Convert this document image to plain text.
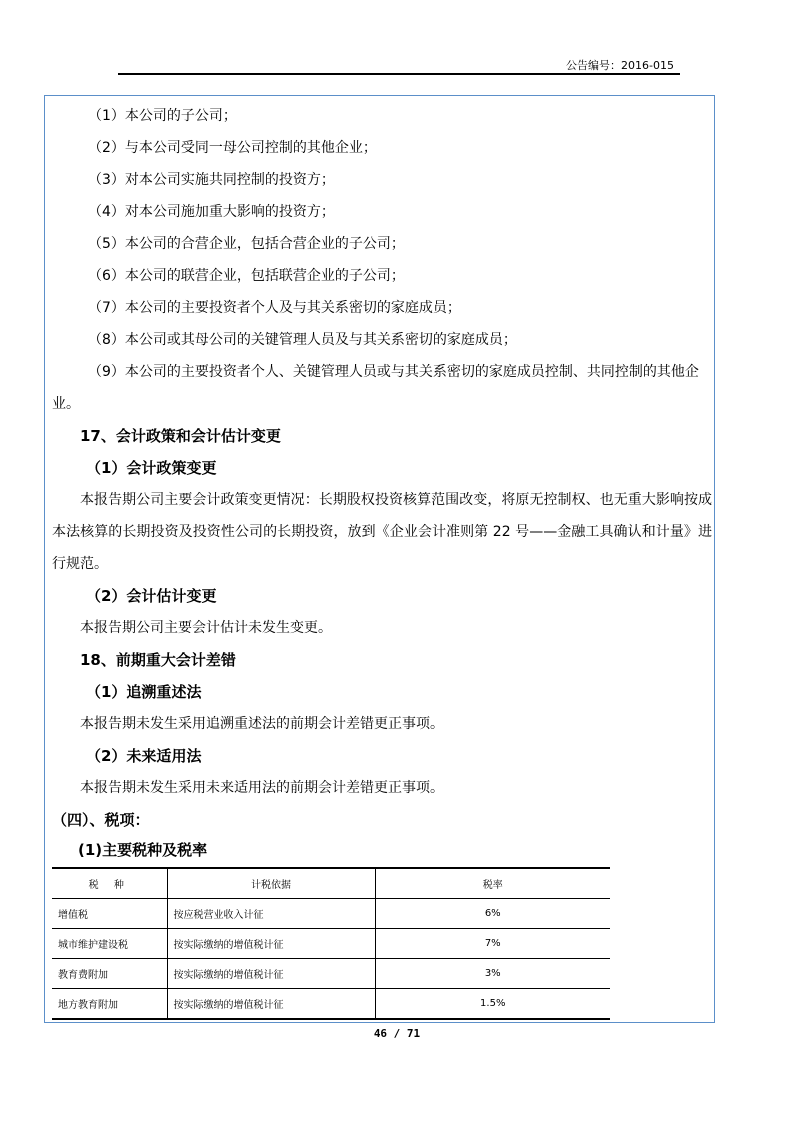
公告编号：2016-015
（1）本公司的子公司；
（2）与本公司受同一母公司控制的其他企业；
（3）对本公司实施共同控制的投资方；
（4）对本公司施加重大影响的投资方；
（5）本公司的合营企业，包括合营企业的子公司；
（6）本公司的联营企业，包括联营企业的子公司；
（7）本公司的主要投资者个人及与其关系密切的家庭成员；
（8）本公司或其母公司的关键管理人员及与其关系密切的家庭成员；
（9）本公司的主要投资者个人、关键管理人员或与其关系密切的家庭成员控制、共同控制的其他企业。
17、会计政策和会计估计变更
（1）会计政策变更
本报告期公司主要会计政策变更情况：长期股权投资核算范围改变，将原无控制权、也无重大影响按成本法核算的长期投资及投资性公司的长期投资，放到《企业会计准则第 22 号——金融工具确认和计量》进行规范。
（2）会计估计变更
本报告期公司主要会计估计未发生变更。
18、前期重大会计差错
（1）追溯重述法
本报告期未发生采用追溯重述法的前期会计差错更正事项。
（2）未来适用法
本报告期未发生采用未来适用法的前期会计差错更正事项。
（四）、税项：
(1)主要税种及税率
税 种	计税依据	税率
增值税	按应税营业收入计征	6%
城市维护建设税	按实际缴纳的增值税计征	7%
教育费附加	按实际缴纳的增值税计征	3%
地方教育附加	按实际缴纳的增值税计征	1.5%
46 / 71
